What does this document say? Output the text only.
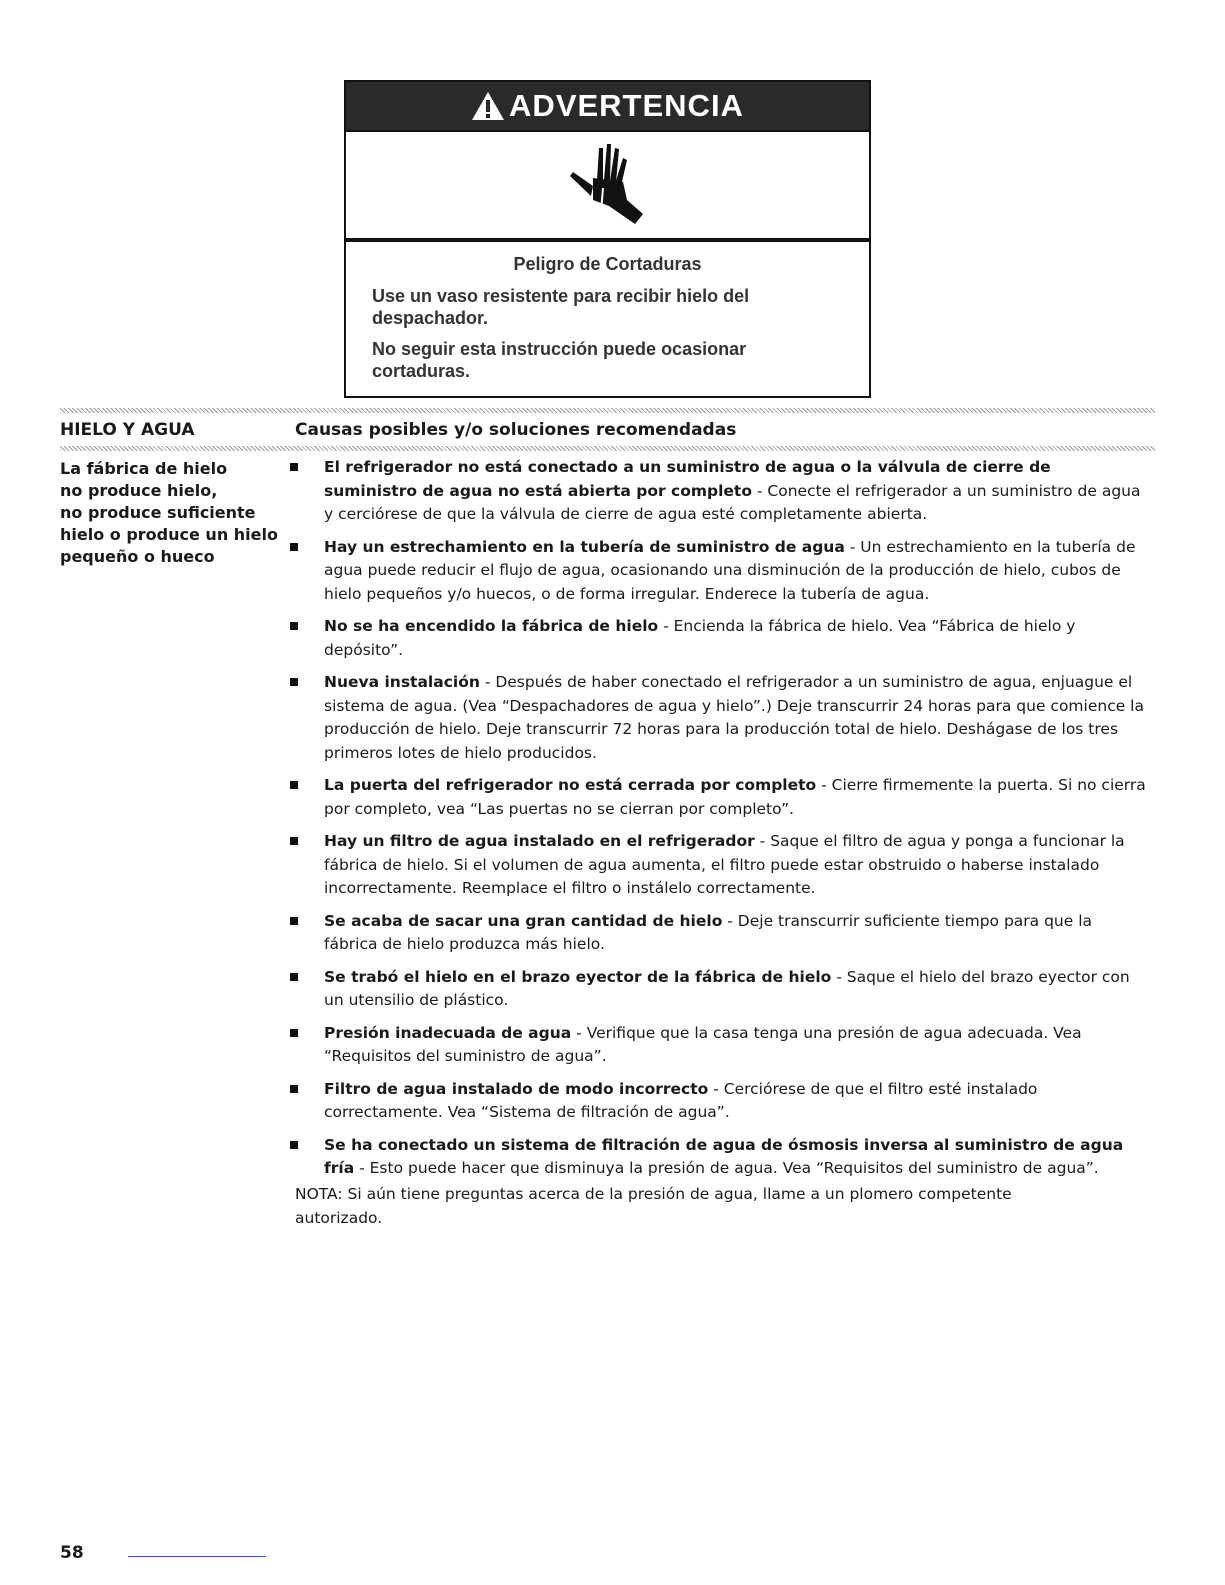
ADVERTENCIA

Peligro de Cortaduras

Use un vaso resistente para recibir hielo del despachador.

No seguir esta instrucción puede ocasionar cortaduras.

HIELO Y AGUA	Causas posibles y/o soluciones recomendadas

La fábrica de hielo
no produce hielo,
no produce suficiente
hielo o produce un hielo
pequeño o hueco

El refrigerador no está conectado a un suministro de agua o la válvula de cierre de suministro de agua no está abierta por completo - Conecte el refrigerador a un suministro de agua y cerciórese de que la válvula de cierre de agua esté completamente abierta.
Hay un estrechamiento en la tubería de suministro de agua - Un estrechamiento en la tubería de agua puede reducir el flujo de agua, ocasionando una disminución de la producción de hielo, cubos de hielo pequeños y/o huecos, o de forma irregular. Enderece la tubería de agua.
No se ha encendido la fábrica de hielo - Encienda la fábrica de hielo. Vea “Fábrica de hielo y depósito”.
Nueva instalación - Después de haber conectado el refrigerador a un suministro de agua, enjuague el sistema de agua. (Vea “Despachadores de agua y hielo”.) Deje transcurrir 24 horas para que comience la producción de hielo. Deje transcurrir 72 horas para la producción total de hielo. Deshágase de los tres primeros lotes de hielo producidos.
La puerta del refrigerador no está cerrada por completo - Cierre firmemente la puerta. Si no cierra por completo, vea “Las puertas no se cierran por completo”.
Hay un filtro de agua instalado en el refrigerador - Saque el filtro de agua y ponga a funcionar la fábrica de hielo. Si el volumen de agua aumenta, el filtro puede estar obstruido o haberse instalado incorrectamente. Reemplace el filtro o instálelo correctamente.
Se acaba de sacar una gran cantidad de hielo - Deje transcurrir suficiente tiempo para que la fábrica de hielo produzca más hielo.
Se trabó el hielo en el brazo eyector de la fábrica de hielo - Saque el hielo del brazo eyector con un utensilio de plástico.
Presión inadecuada de agua - Verifique que la casa tenga una presión de agua adecuada. Vea “Requisitos del suministro de agua”.
Filtro de agua instalado de modo incorrecto - Cerciórese de que el filtro esté instalado correctamente. Vea “Sistema de filtración de agua”.
Se ha conectado un sistema de filtración de agua de ósmosis inversa al suministro de agua fría - Esto puede hacer que disminuya la presión de agua. Vea “Requisitos del suministro de agua”.

NOTA: Si aún tiene preguntas acerca de la presión de agua, llame a un plomero competente autorizado.

58
